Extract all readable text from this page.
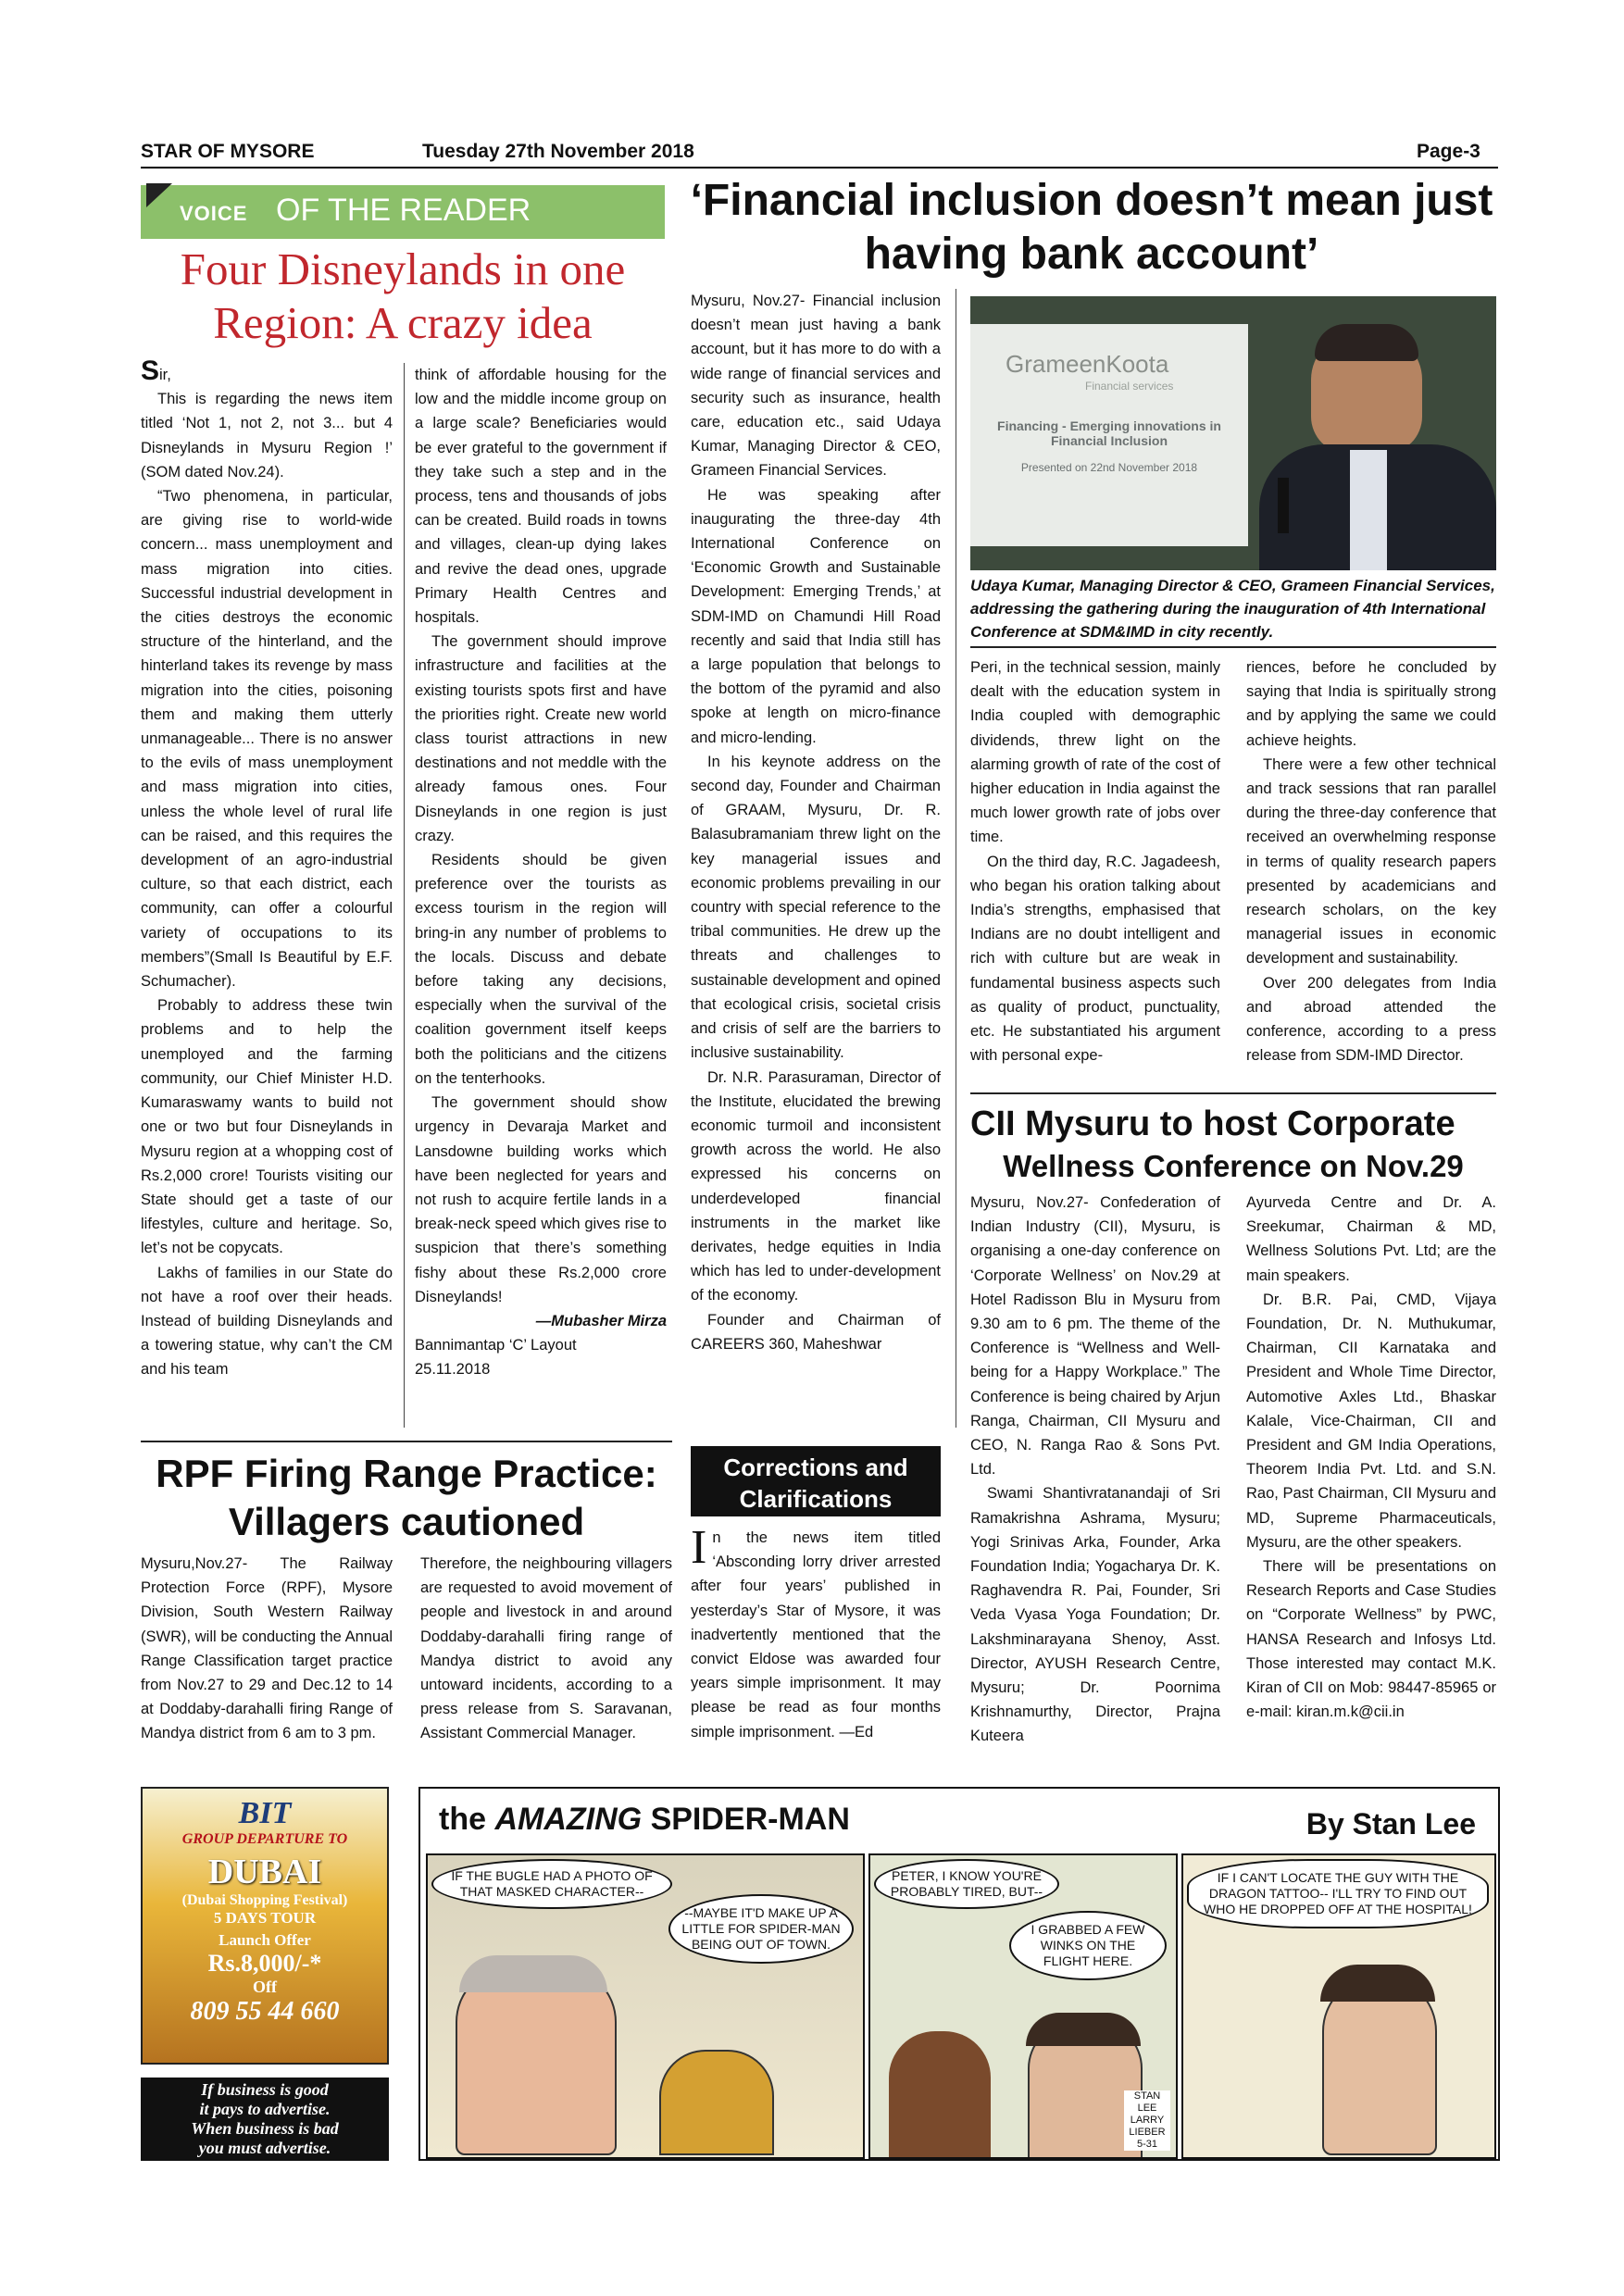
STAR OF MYSORE	Tuesday 27th November 2018	Page-3
VOICE OF THE READER
Four Disneylands in one Region: A crazy idea

Sir,

This is regarding the news item titled ‘Not 1, not 2, not 3... but 4 Disneylands in Mysuru Region !’ (SOM dated Nov.24).

“Two phenomena, in particular, are giving rise to world-wide concern... mass unemployment and mass migration into cities. Successful industrial development in the cities destroys the economic structure of the hinterland, and the hinterland takes its revenge by mass migration into the cities, poisoning them and making them utterly unmanageable... There is no answer to the evils of mass unemployment and mass migration into cities, unless the whole level of rural life can be raised, and this requires the development of an agro-industrial culture, so that each district, each community, can offer a colourful variety of occupations to its members”(Small Is Beautiful by E.F. Schumacher).

Probably to address these twin problems and to help the unemployed and the farming community, our Chief Minister H.D. Kumaraswamy wants to build not one or two but four Disneylands in Mysuru region at a whopping cost of Rs.2,000 crore! Tourists visiting our State should get a taste of our lifestyles, culture and heritage. So, let’s not be copycats.

Lakhs of families in our State do not have a roof over their heads. Instead of building Disneylands and a towering statue, why can’t the CM and his team

think of affordable housing for the low and the middle income group on a large scale? Beneficiaries would be ever grateful to the government if they take such a step and in the process, tens and thousands of jobs can be created. Build roads in towns and villages, clean-up dying lakes and revive the dead ones, upgrade Primary Health Centres and hospitals.

The government should improve infrastructure and facilities at the existing tourists spots first and have the priorities right. Create new world class tourist attractions in new destinations and not meddle with the already famous ones. Four Disneylands in one region is just crazy.

Residents should be given preference over the tourists as excess tourism in the region will bring-in any number of problems to the locals. Discuss and debate before taking any decisions, especially when the survival of the coalition government itself keeps both the politicians and the citizens on the tenterhooks.

The government should show urgency in Devaraja Market and Lansdowne building works which have been neglected for years and not rush to acquire fertile lands in a break-neck speed which gives rise to suspicion that there’s something fishy about these Rs.2,000 crore Disneylands!

—Mubasher Mirza

Bannimantap ‘C’ Layout

25.11.2018

‘Financial inclusion doesn’t mean just having bank account’

Mysuru, Nov.27- Financial inclusion doesn’t mean just having a bank account, but it has more to do with a wide range of financial services and security such as insurance, health care, education etc., said Udaya Kumar, Managing Director & CEO, Grameen Financial Services.

He was speaking after inaugurating the three-day 4th International Conference on ‘Economic Growth and Sustainable Development: Emerging Trends,’ at SDM-IMD on Chamundi Hill Road recently and said that India still has a large population that belongs to the bottom of the pyramid and also spoke at length on micro-finance and micro-lending.

In his keynote address on the second day, Founder and Chairman of GRAAM, Mysuru, Dr. R. Balasubramaniam threw light on the key managerial issues and economic problems prevailing in our country with special reference to the tribal communities. He drew up the threats and challenges to sustainable development and opined that ecological crisis, societal crisis and crisis of self are the barriers to inclusive sustainability.

Dr. N.R. Parasuraman, Director of the Institute, elucidated the brewing economic turmoil and inconsistent growth across the world. He also expressed his concerns on underdeveloped financial instruments in the market like derivates, hedge equities in India which has led to under-development of the economy.

Founder and Chairman of CAREERS 360, Maheshwar

GrameenKoota
Financial services
Financing - Emerging innovations in Financial Inclusion
Presented on 22nd November 2018
Udaya Kumar, Managing Director & CEO, Grameen Financial Services, addressing the gathering during the inauguration of 4th International Conference at SDM&IMD in city recently.

Peri, in the technical session, mainly dealt with the education system in India coupled with demographic dividends, threw light on the alarming growth of rate of the cost of higher education in India against the much lower growth rate of jobs over time.

On the third day, R.C. Jagadeesh, who began his oration talking about India’s strengths, emphasised that Indians are no doubt intelligent and rich with culture but are weak in fundamental business aspects such as quality of product, punctuality, etc. He substantiated his argument with personal expe-

riences, before he concluded by saying that India is spiritually strong and by applying the same we could achieve heights.

There were a few other technical and track sessions that ran parallel during the three-day conference that received an overwhelming response in terms of quality research papers presented by academicians and research scholars, on the key managerial issues in economic development and sustainability.

Over 200 delegates from India and abroad attended the conference, according to a press release from SDM-IMD Director.

CII Mysuru to host Corporate
Wellness Conference on Nov.29

Mysuru, Nov.27- Confederation of Indian Industry (CII), Mysuru, is organising a one-day conference on ‘Corporate Wellness’ on Nov.29 at Hotel Radisson Blu in Mysuru from 9.30 am to 6 pm. The theme of the Conference is “Wellness and Well-being for a Happy Workplace.” The Conference is being chaired by Arjun Ranga, Chairman, CII Mysuru and CEO, N. Ranga Rao & Sons Pvt. Ltd.

Swami Shantivratanandaji of Sri Ramakrishna Ashrama, Mysuru; Yogi Srinivas Arka, Founder, Arka Foundation India; Yogacharya Dr. K. Raghavendra R. Pai, Founder, Sri Veda Vyasa Yoga Foundation; Dr. Lakshminarayana Shenoy, Asst. Director, AYUSH Research Centre, Mysuru; Dr. Poornima Krishnamurthy, Director, Prajna Kuteera

Ayurveda Centre and Dr. A. Sreekumar, Chairman & MD, Wellness Solutions Pvt. Ltd; are the main speakers.

Dr. B.R. Pai, CMD, Vijaya Foundation, Dr. N. Muthukumar, Chairman, CII Karnataka and President and Whole Time Director, Automotive Axles Ltd., Bhaskar Kalale, Vice-Chairman, CII and President and GM India Operations, Theorem India Pvt. Ltd. and S.N. Rao, Past Chairman, CII Mysuru and MD, Supreme Pharmaceuticals, Mysuru, are the other speakers.

There will be presentations on Research Reports and Case Studies on “Corporate Wellness” by PWC, HANSA Research and Infosys Ltd. Those interested may contact M.K. Kiran of CII on Mob: 98447-85965 or e-mail: kiran.m.k@cii.in

RPF Firing Range Practice: Villagers cautioned

Mysuru,Nov.27- The Railway Protection Force (RPF), Mysore Division, South Western Railway (SWR), will be conducting the Annual Range Classification target practice from Nov.27 to 29 and Dec.12 to 14 at Doddaby-darahalli firing Range of Mandya district from 6 am to 3 pm.

Therefore, the neighbouring villagers are requested to avoid movement of people and livestock in and around Doddaby-darahalli firing range of Mandya district to avoid any untoward incidents, according to a press release from S. Saravanan, Assistant Commercial Manager.

Corrections and Clarifications
I n the news item titled ‘Absconding lorry driver arrested after four years’ published in yesterday’s Star of Mysore, it was inadvertently mentioned that the convict Eldose was awarded four years simple imprisonment. It may please be read as four months simple imprisonment. —Ed
BIT
GROUP DEPARTURE TO
DUBAI
(Dubai Shopping Festival)
5 DAYS TOUR
Launch Offer
Rs.8,000/-*
Off
809 55 44 660
If business is good
it pays to advertise.
When business is bad
you must advertise.
the AMAZING SPIDER-MAN	By Stan Lee
IF THE BUGLE HAD A PHOTO OF THAT MASKED CHARACTER--
--MAYBE IT'D MAKE UP A LITTLE FOR SPIDER-MAN BEING OUT OF TOWN.
PETER, I KNOW YOU'RE PROBABLY TIRED, BUT--
I GRABBED A FEW WINKS ON THE FLIGHT HERE.
IF I CAN'T LOCATE THE GUY WITH THE DRAGON TATTOO-- I'LL TRY TO FIND OUT WHO HE DROPPED OFF AT THE HOSPITAL!
STAN LEE LARRY LIEBER 5-31
